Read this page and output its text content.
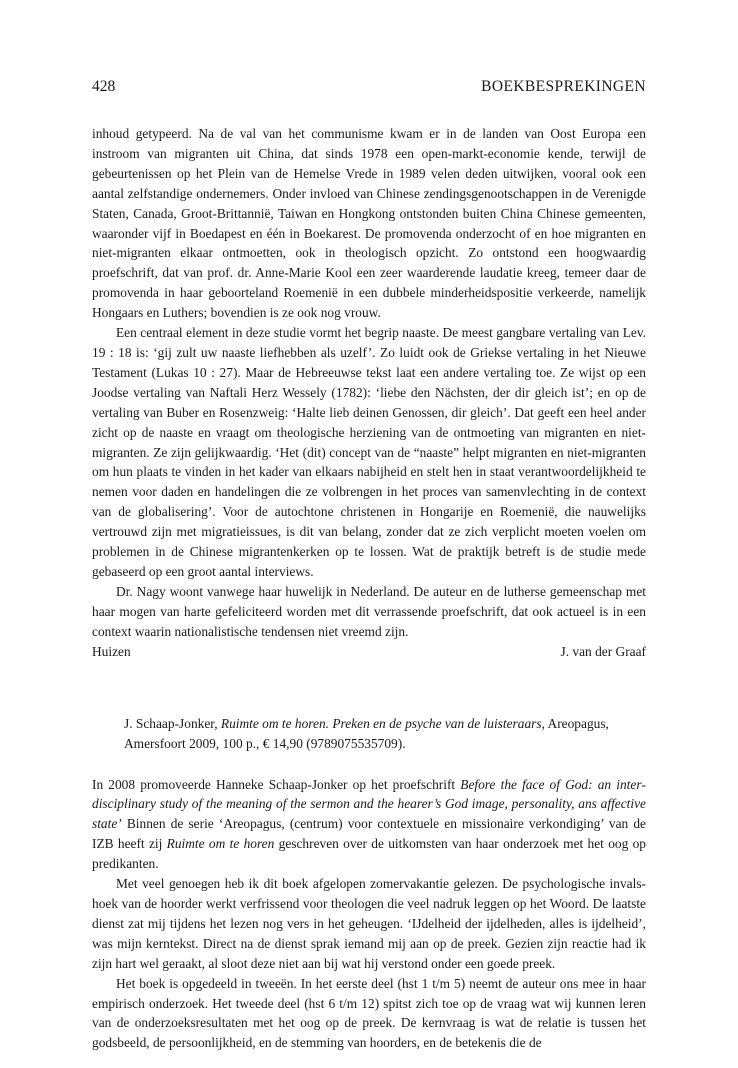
428	BOEKBESPREKINGEN

inhoud getypeerd. Na de val van het communisme kwam er in de landen van Oost Europa een instroom van migranten uit China, dat sinds 1978 een open-markt-economie kende, terwijl de gebeurtenissen op het Plein van de Hemelse Vrede in 1989 velen deden uitwijken, vooral ook een aantal zelfstandige ondernemers. Onder invloed van Chinese zendingsgenootschappen in de Verenigde Staten, Canada, Groot-Brittannië, Taiwan en Hongkong ontstonden buiten China Chinese gemeenten, waaronder vijf in Boedapest en één in Boekarest. De promovenda onderzocht of en hoe migranten en niet-migranten elkaar ontmoetten, ook in theologisch opzicht. Zo ontstond een hoogwaardig proefschrift, dat van prof. dr. Anne-Marie Kool een zeer waarderende laudatie kreeg, temeer daar de promovenda in haar geboorteland Roemenië in een dubbele minderheidspositie verkeerde, namelijk Hongaars en Luthers; bovendien is ze ook nog vrouw.

Een centraal element in deze studie vormt het begrip naaste. De meest gangbare vertaling van Lev. 19 : 18 is: ‘gij zult uw naaste liefhebben als uzelf’. Zo luidt ook de Griekse vertaling in het Nieuwe Testament (Lukas 10 : 27). Maar de Hebreeuwse tekst laat een andere vertaling toe. Ze wijst op een Joodse vertaling van Naftali Herz Wessely (1782): ‘liebe den Nächsten, der dir gleich ist’; en op de vertaling van Buber en Rosenzweig: ‘Halte lieb deinen Genossen, dir gleich’. Dat geeft een heel ander zicht op de naaste en vraagt om theologische herziening van de ontmoeting van migranten en niet-migranten. Ze zijn gelijkwaardig. ‘Het (dit) concept van de “naaste” helpt migranten en niet-migranten om hun plaats te vinden in het kader van elkaars nabijheid en stelt hen in staat verantwoordelijkheid te nemen voor daden en handelingen die ze volbrengen in het proces van samenvlechting in de context van de globalisering’. Voor de autochtone christenen in Hongarije en Roemenië, die nauwelijks vertrouwd zijn met migratieissues, is dit van belang, zonder dat ze zich verplicht moeten voelen om problemen in de Chinese migrantenkerken op te lossen. Wat de praktijk betreft is de studie mede gebaseerd op een groot aantal interviews.

Dr. Nagy woont vanwege haar huwelijk in Nederland. De auteur en de lutherse gemeenschap met haar mogen van harte gefeliciteerd worden met dit verrassende proefschrift, dat ook actueel is in een context waarin nationalistische tendensen niet vreemd zijn.

Huizen	J. van der Graaf

J. Schaap-Jonker, Ruimte om te horen. Preken en de psyche van de luisteraars, Areopagus, Amersfoort 2009, 100 p., € 14,90 (9789075535709).

In 2008 promoveerde Hanneke Schaap-Jonker op het proefschrift Before the face of God: an interdisciplinary study of the meaning of the sermon and the hearer’s God image, personality, ans affective state’ Binnen de serie ‘Areopagus, (centrum) voor contextuele en missionaire verkondiging’ van de IZB heeft zij Ruimte om te horen geschreven over de uitkomsten van haar onderzoek met het oog op predikanten.

Met veel genoegen heb ik dit boek afgelopen zomervakantie gelezen. De psychologische invalshoek van de hoorder werkt verfrissend voor theologen die veel nadruk leggen op het Woord. De laatste dienst zat mij tijdens het lezen nog vers in het geheugen. ‘IJdelheid der ijdelheden, alles is ijdelheid’, was mijn kerntekst. Direct na de dienst sprak iemand mij aan op de preek. Gezien zijn reactie had ik zijn hart wel geraakt, al sloot deze niet aan bij wat hij verstond onder een goede preek.

Het boek is opgedeeld in tweeën. In het eerste deel (hst 1 t/m 5) neemt de auteur ons mee in haar empirisch onderzoek. Het tweede deel (hst 6 t/m 12) spitst zich toe op de vraag wat wij kunnen leren van de onderzoeksresultaten met het oog op de preek. De kernvraag is wat de relatie is tussen het godsbeeld, de persoonlijkheid, en de stemming van hoorders, en de betekenis die de
